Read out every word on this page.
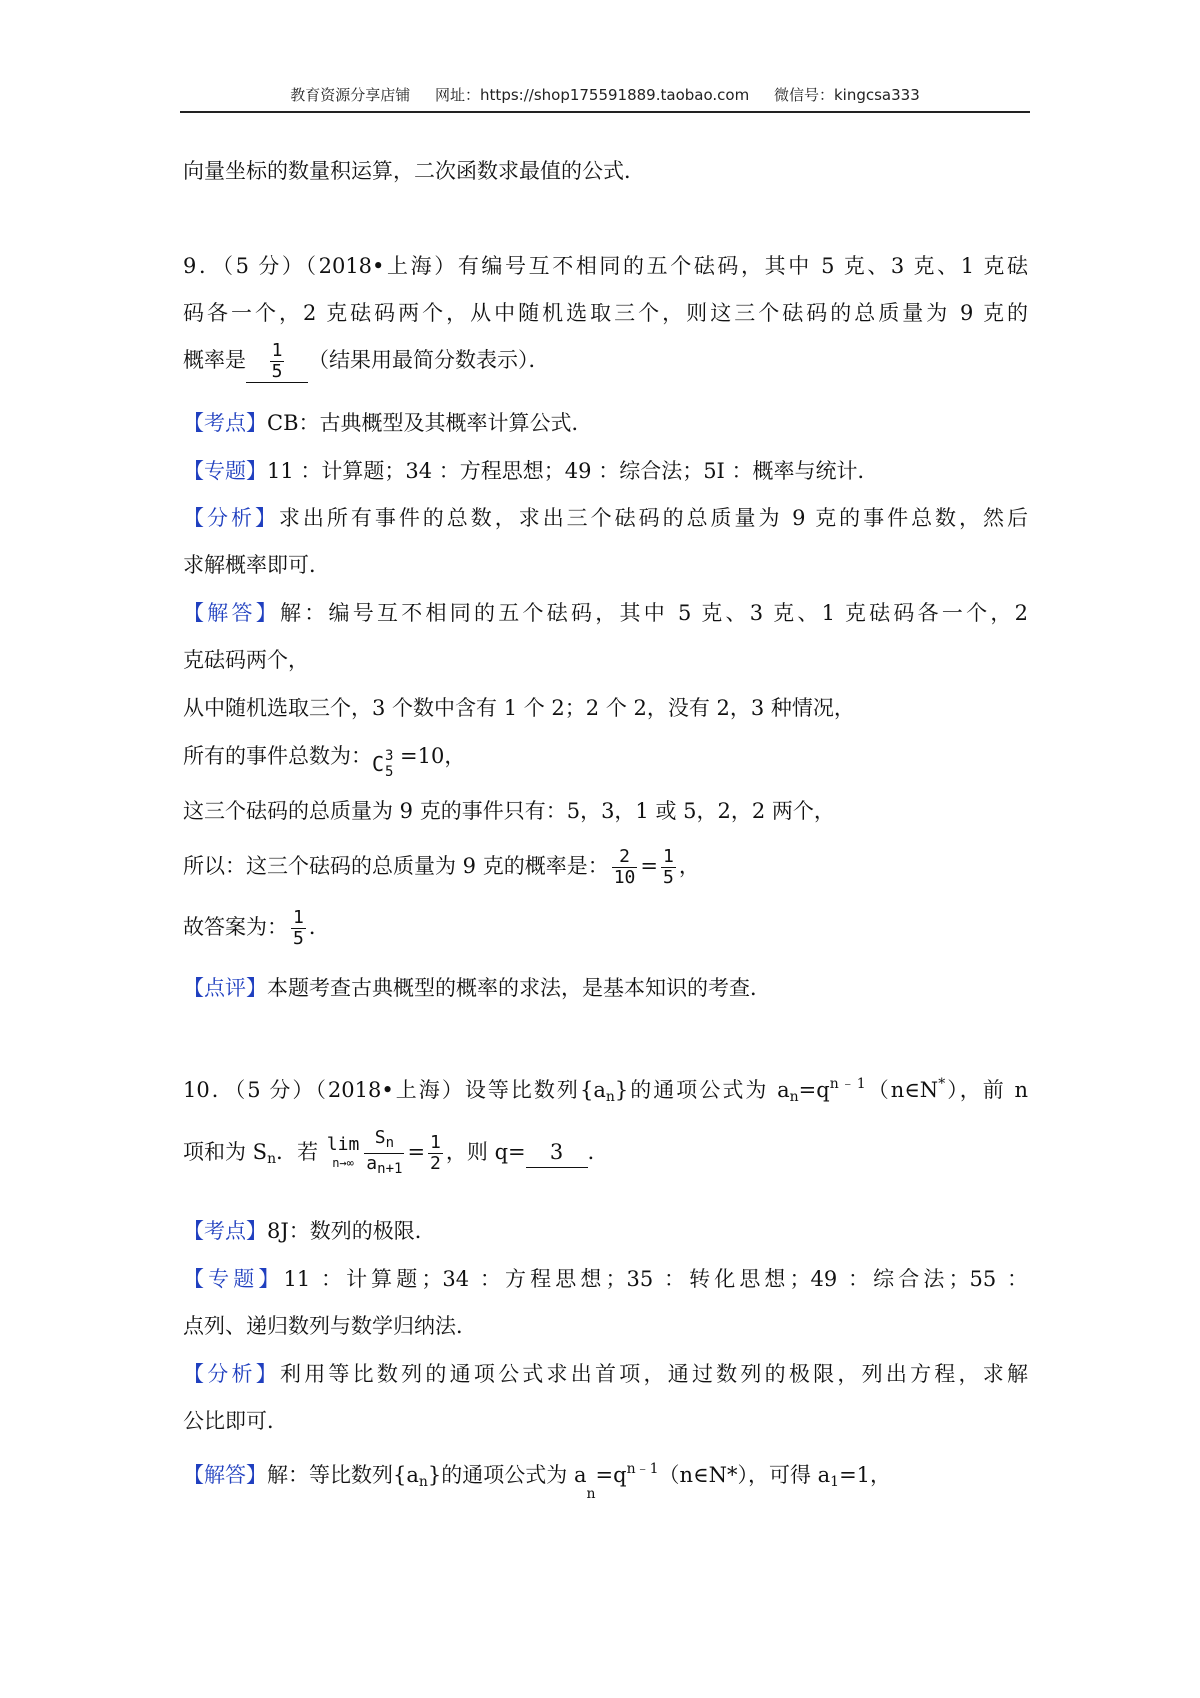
教育资源分享店铺 网址：https://shop175591889.taobao.com 微信号：kingcsa333
向量坐标的数量积运算，二次函数求最值的公式．
9．（5 分）（2018•上海）有编号互不相同的五个砝码，其中 5 克、3 克、1 克砝
码各一个，2 克砝码两个，从中随机选取三个，则这三个砝码的总质量为 9 克的
概率是 $\frac{1}{5}$ （结果用最简分数表示）．
【考点】CB：古典概型及其概率计算公式．
【专题】11 ：计算题；34 ：方程思想；49 ：综合法；5I ：概率与统计．
【分析】求出所有事件的总数，求出三个砝码的总质量为 9 克的事件总数，然后
求解概率即可．
【解答】解：编号互不相同的五个砝码，其中 5 克、3 克、1 克砝码各一个，2
克砝码两个，
从中随机选取三个，3 个数中含有 1 个 2；2 个 2，没有 2，3 种情况，
所有的事件总数为： C 3
5
=10，
这三个砝码的总质量为 9 克的事件只有：5，3，1 或 5，2，2 两个，
所以：这三个砝码的总质量为 9 克的概率是： $\frac{2}{10} = \frac{1}{5}$ ，
故答案为： $\frac{1}{5}$ ．
【点评】本题考查古典概型的概率的求法，是基本知识的考查．
10．（5 分）（2018•上海）设等比数列$\{a_n\}$的通项公式为 $a_n=q^{n﹣1}(n\in N^*)$，前 n
项和为 $S_n$．若 lim
$n\to\infty \frac{S_n}{a_{n+1}} = \frac{1}{2}$ ，则 q= 3 ．
【考点】8J：数列的极限．
【专题】11 ：计算题；34 ：方程思想；35 ：转化思想；49 ：综合法；55 ：
点列、递归数列与数学归纳法．
【分析】利用等比数列的通项公式求出首项，通过数列的极限，列出方程，求解
公比即可．
【解答】解：等比数列$\{a_n\}$的通项公式为 $a_n=q^{n﹣1}(n\in N*)$，可得 $a_1=1$，
